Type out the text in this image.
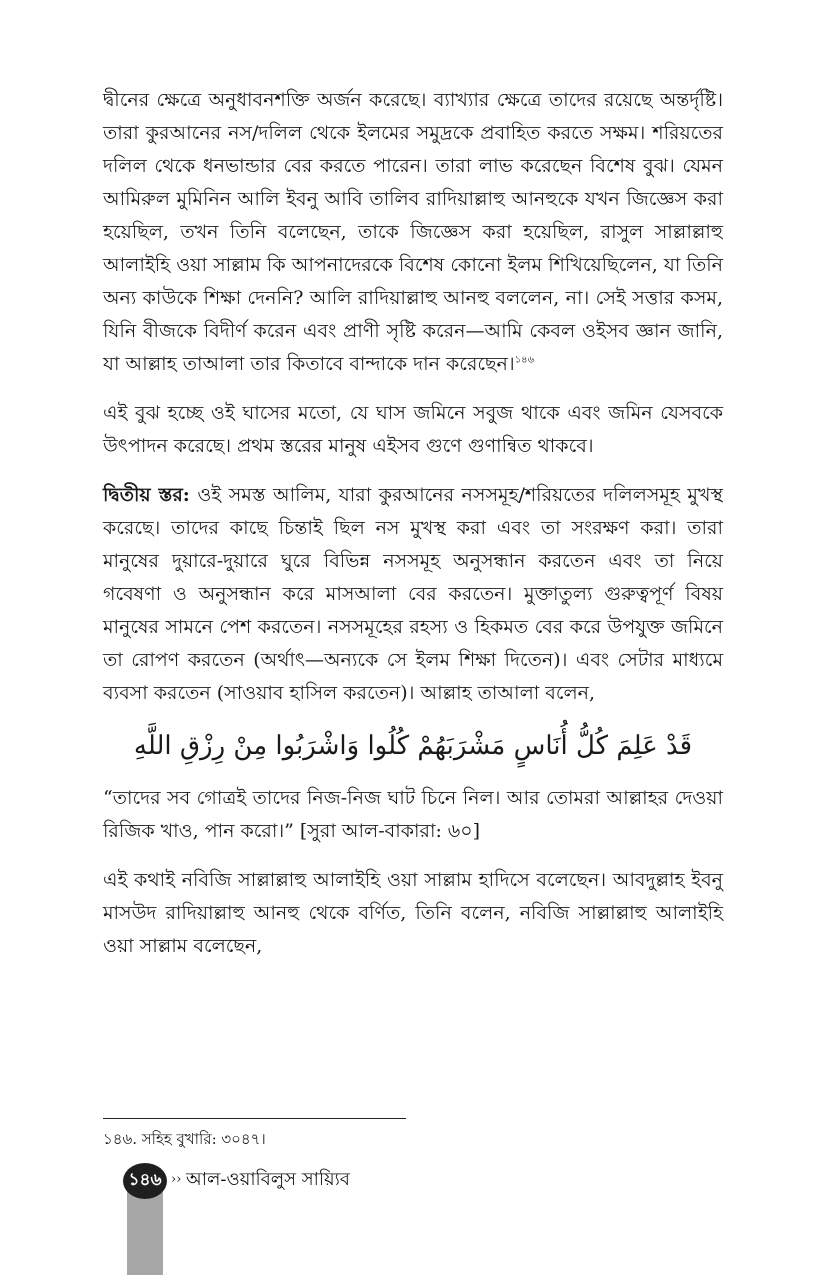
দ্বীনের ক্ষেত্রে অনুধাবনশক্তি অর্জন করেছে। ব্যাখ্যার ক্ষেত্রে তাদের রয়েছে অন্তর্দৃষ্টি। তারা কুরআনের নস/দলিল থেকে ইলমের সমুদ্রকে প্রবাহিত করতে সক্ষম। শরিয়তের দলিল থেকে ধনভান্ডার বের করতে পারেন। তারা লাভ করেছেন বিশেষ বুঝ। যেমন আমিরুল মুমিনিন আলি ইবনু আবি তালিব রাদিয়াল্লাহু আনহুকে যখন জিজ্ঞেস করা হয়েছিল, তখন তিনি বলেছেন, তাকে জিজ্ঞেস করা হয়েছিল, রাসুল সাল্লাল্লাহু আলাইহি ওয়া সাল্লাম কি আপনাদেরকে বিশেষ কোনো ইলম শিখিয়েছিলেন, যা তিনি অন্য কাউকে শিক্ষা দেননি? আলি রাদিয়াল্লাহু আনহু বললেন, না। সেই সত্তার কসম, যিনি বীজকে বিদীর্ণ করেন এবং প্রাণী সৃষ্টি করেন—আমি কেবল ওইসব জ্ঞান জানি, যা আল্লাহ তাআলা তার কিতাবে বান্দাকে দান করেছেন।$^{১৪৬}$

এই বুঝ হচ্ছে ওই ঘাসের মতো, যে ঘাস জমিনে সবুজ থাকে এবং জমিন যেসবকে উৎপাদন করেছে। প্রথম স্তরের মানুষ এইসব গুণে গুণান্বিত থাকবে।

দ্বিতীয় স্তর: ওই সমস্ত আলিম, যারা কুরআনের নসসমূহ/শরিয়তের দলিলসমূহ মুখস্থ করেছে। তাদের কাছে চিন্তাই ছিল নস মুখস্থ করা এবং তা সংরক্ষণ করা। তারা মানুষের দুয়ারে-দুয়ারে ঘুরে বিভিন্ন নসসমূহ অনুসন্ধান করতেন এবং তা নিয়ে গবেষণা ও অনুসন্ধান করে মাসআলা বের করতেন। মুক্তাতুল্য গুরুত্বপূর্ণ বিষয় মানুষের সামনে পেশ করতেন। নসসমূহের রহস্য ও হিকমত বের করে উপযুক্ত জমিনে তা রোপণ করতেন (অর্থাৎ—অন্যকে সে ইলম শিক্ষা দিতেন)। এবং সেটার মাধ্যমে ব্যবসা করতেন (সাওয়াব হাসিল করতেন)। আল্লাহ তাআলা বলেন,

قَدْ عَلِمَ كُلُّ أُنَاسٍ مَشْرَبَهُمْ كُلُوا وَاشْرَبُوا مِنْ رِزْقِ اللَّهِ

“তাদের সব গোত্রই তাদের নিজ-নিজ ঘাট চিনে নিল। আর তোমরা আল্লাহর দেওয়া রিজিক খাও, পান করো।” [সুরা আল-বাকারা: ৬০]

এই কথাই নবিজি সাল্লাল্লাহু আলাইহি ওয়া সাল্লাম হাদিসে বলেছেন। আবদুল্লাহ ইবনু মাসউদ রাদিয়াল্লাহু আনহু থেকে বর্ণিত, তিনি বলেন, নবিজি সাল্লাল্লাহু আলাইহি ওয়া সাল্লাম বলেছেন,

১৪৬. সহিহ বুখারি: ৩০৪৭।
১৪৬ ›› আল-ওয়াবিলুস সায়্যিব
